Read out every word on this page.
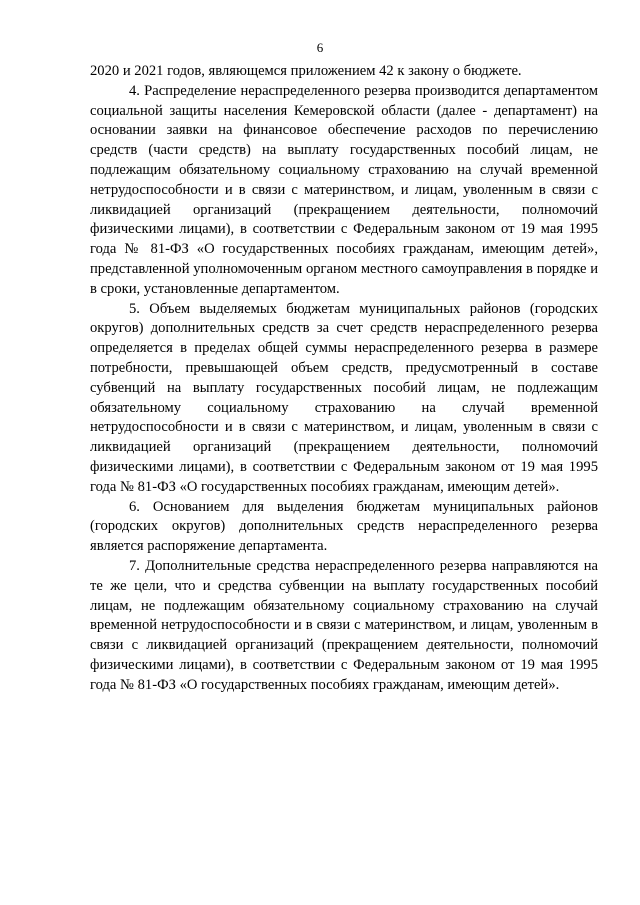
6

2020 и 2021 годов, являющемся приложением 42 к закону о бюджете.

4. Распределение нераспределенного резерва производится департаментом социальной защиты населения Кемеровской области (далее - департамент) на основании заявки на финансовое обеспечение расходов по перечислению средств (части средств) на выплату государственных пособий лицам, не подлежащим обязательному социальному страхованию на случай временной нетрудоспособности и в связи с материнством, и лицам, уволенным в связи с ликвидацией организаций (прекращением деятельности, полномочий физическими лицами), в соответствии с Федеральным законом от 19 мая 1995 года № 81-ФЗ «О государственных пособиях гражданам, имеющим детей», представленной уполномоченным органом местного самоуправления в порядке и в сроки, установленные департаментом.

5. Объем выделяемых бюджетам муниципальных районов (городских округов) дополнительных средств за счет средств нераспределенного резерва определяется в пределах общей суммы нераспределенного резерва в размере потребности, превышающей объем средств, предусмотренный в составе субвенций на выплату государственных пособий лицам, не подлежащим обязательному социальному страхованию на случай временной нетрудоспособности и в связи с материнством, и лицам, уволенным в связи с ликвидацией организаций (прекращением деятельности, полномочий физическими лицами), в соответствии с Федеральным законом от 19 мая 1995 года № 81-ФЗ «О государственных пособиях гражданам, имеющим детей».

6. Основанием для выделения бюджетам муниципальных районов (городских округов) дополнительных средств нераспределенного резерва является распоряжение департамента.

7. Дополнительные средства нераспределенного резерва направляются на те же цели, что и средства субвенции на выплату государственных пособий лицам, не подлежащим обязательному социальному страхованию на случай временной нетрудоспособности и в связи с материнством, и лицам, уволенным в связи с ликвидацией организаций (прекращением деятельности, полномочий физическими лицами), в соответствии с Федеральным законом от 19 мая 1995 года № 81-ФЗ «О государственных пособиях гражданам, имеющим детей».
